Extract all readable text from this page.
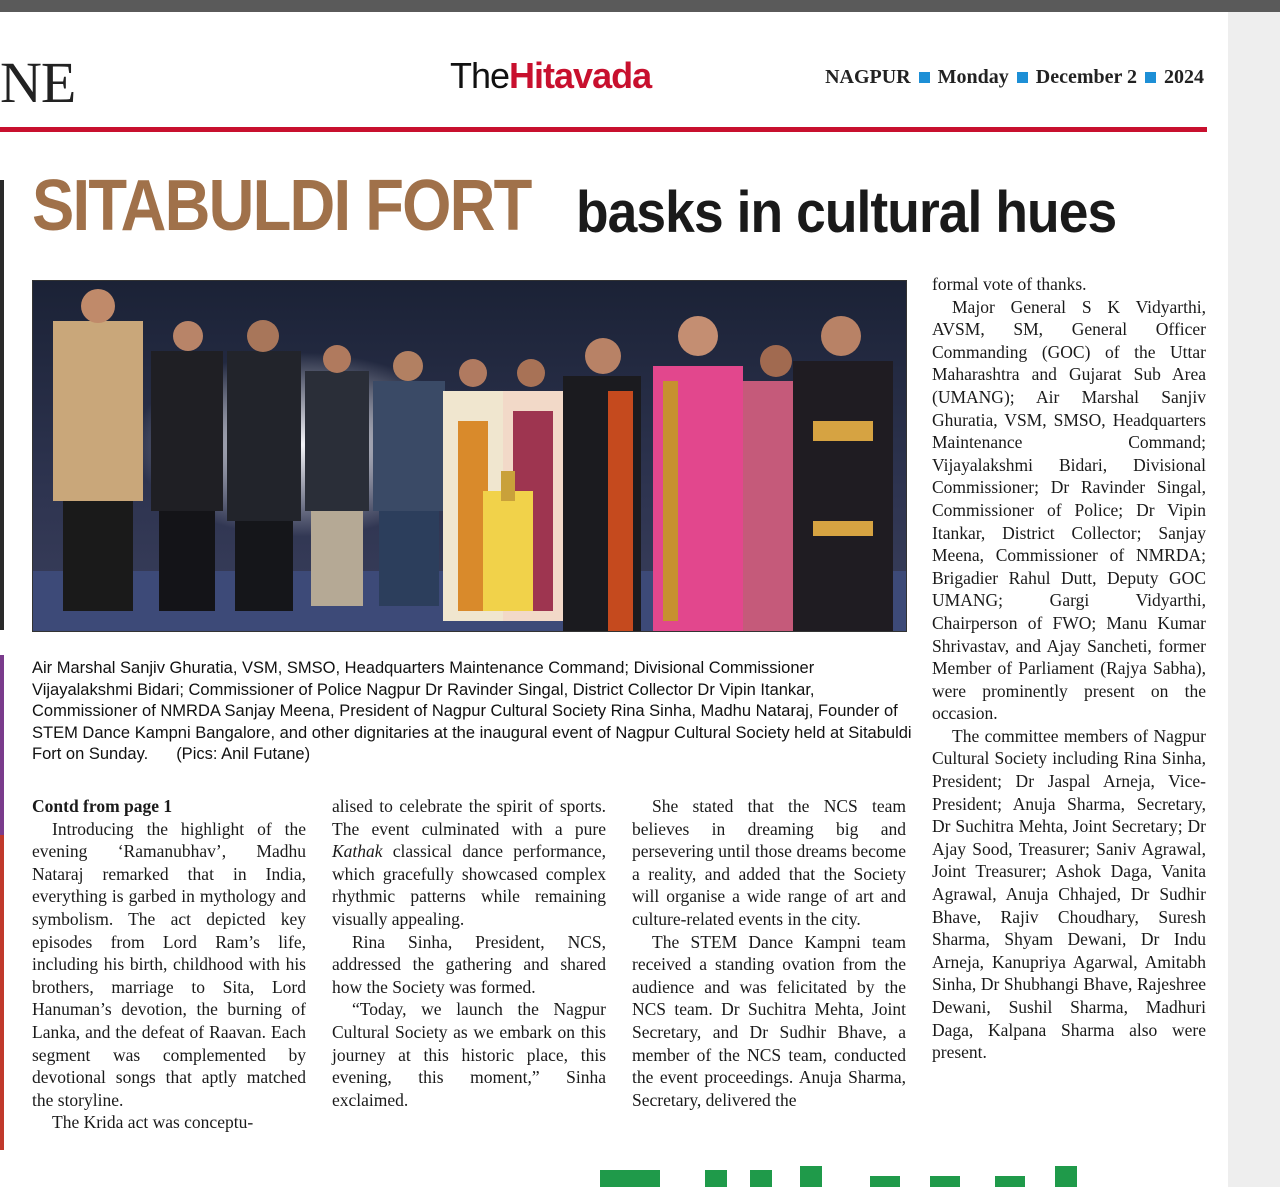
NE	TheHitavada	NAGPUR Monday December 2 2024
SITABULDI FORT basks in cultural hues
Air Marshal Sanjiv Ghuratia, VSM, SMSO, Headquarters Maintenance Command; Divisional Commissioner Vijayalakshmi Bidari; Commissioner of Police Nagpur Dr Ravinder Singal, District Collector Dr Vipin Itankar, Commissioner of NMRDA Sanjay Meena, President of Nagpur Cultural Society Rina Sinha, Madhu Nataraj, Founder of STEM Dance Kampni Bangalore, and other dignitaries at the inaugural event of Nagpur Cultural Society held at Sitabuldi Fort on Sunday. (Pics: Anil Futane)

Contd from page 1

Introducing the highlight of the evening ‘Ramanubhav’, Madhu Nataraj remarked that in India, everything is garbed in mythology and symbolism. The act depicted key episodes from Lord Ram’s life, including his birth, childhood with his brothers, marriage to Sita, Lord Hanuman’s devotion, the burning of Lanka, and the defeat of Raavan. Each segment was complemented by devotional songs that aptly matched the storyline.

The Krida act was conceptu-

alised to celebrate the spirit of sports. The event culminated with a pure Kathak classical dance performance, which gracefully showcased complex rhythmic patterns while remaining visually appealing.

Rina Sinha, President, NCS, addressed the gathering and shared how the Society was formed.

“Today, we launch the Nagpur Cultural Society as we embark on this journey at this historic place, this evening, this moment,” Sinha exclaimed.

She stated that the NCS team believes in dreaming big and persevering until those dreams become a reality, and added that the Society will organise a wide range of art and culture-related events in the city.

The STEM Dance Kampni team received a standing ovation from the audience and was felicitated by the NCS team. Dr Suchitra Mehta, Joint Secretary, and Dr Sudhir Bhave, a member of the NCS team, conducted the event proceedings. Anuja Sharma, Secretary, delivered the

formal vote of thanks.

Major General S K Vidyarthi, AVSM, SM, General Officer Commanding (GOC) of the Uttar Maharashtra and Gujarat Sub Area (UMANG); Air Marshal Sanjiv Ghuratia, VSM, SMSO, Headquarters Maintenance Command; Vijayalakshmi Bidari, Divisional Commissioner; Dr Ravinder Singal, Commissioner of Police; Dr Vipin Itankar, District Collector; Sanjay Meena, Commissioner of NMRDA; Brigadier Rahul Dutt, Deputy GOC UMANG; Gargi Vidyarthi, Chairperson of FWO; Manu Kumar Shrivastav, and Ajay Sancheti, former Member of Parliament (Rajya Sabha), were prominently present on the occasion.

The committee members of Nagpur Cultural Society including Rina Sinha, President; Dr Jaspal Arneja, Vice-President; Anuja Sharma, Secretary, Dr Suchitra Mehta, Joint Secretary; Dr Ajay Sood, Treasurer; Saniv Agrawal, Joint Treasurer; Ashok Daga, Vanita Agrawal, Anuja Chhajed, Dr Sudhir Bhave, Rajiv Choudhary, Suresh Sharma, Shyam Dewani, Dr Indu Arneja, Kanupriya Agarwal, Amitabh Sinha, Dr Shubhangi Bhave, Rajeshree Dewani, Sushil Sharma, Madhuri Daga, Kalpana Sharma also were present.
